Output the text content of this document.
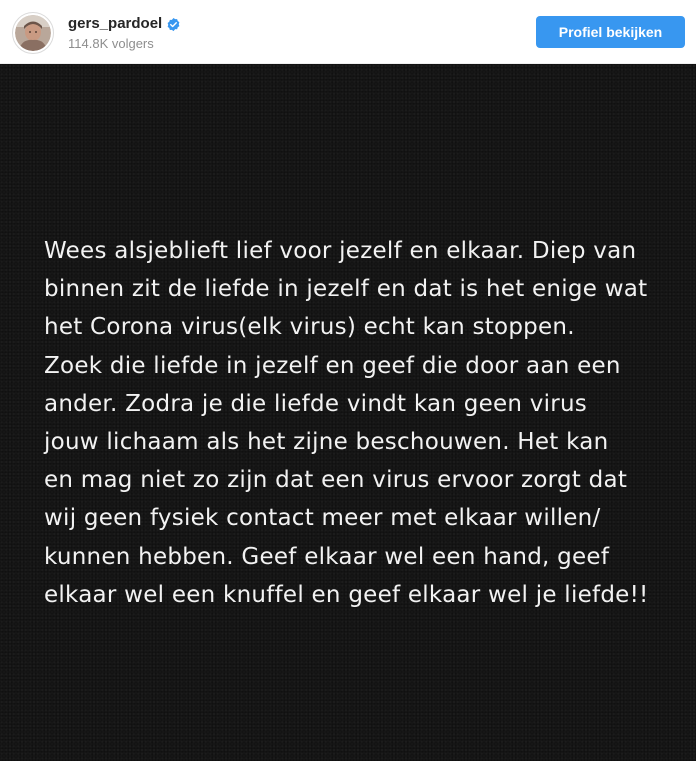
gers_pardoel
114.8K volgers
Profiel bekijken

Wees alsjeblieft lief voor jezelf en elkaar. Diep van
binnen zit de liefde in jezelf en dat is het enige wat
het Corona virus(elk virus) echt kan stoppen.
Zoek die liefde in jezelf en geef die door aan een
ander. Zodra je die liefde vindt kan geen virus
jouw lichaam als het zijne beschouwen. Het kan
en mag niet zo zijn dat een virus ervoor zorgt dat
wij geen fysiek contact meer met elkaar willen/
kunnen hebben. Geef elkaar wel een hand, geef
elkaar wel een knuffel en geef elkaar wel je liefde!!
